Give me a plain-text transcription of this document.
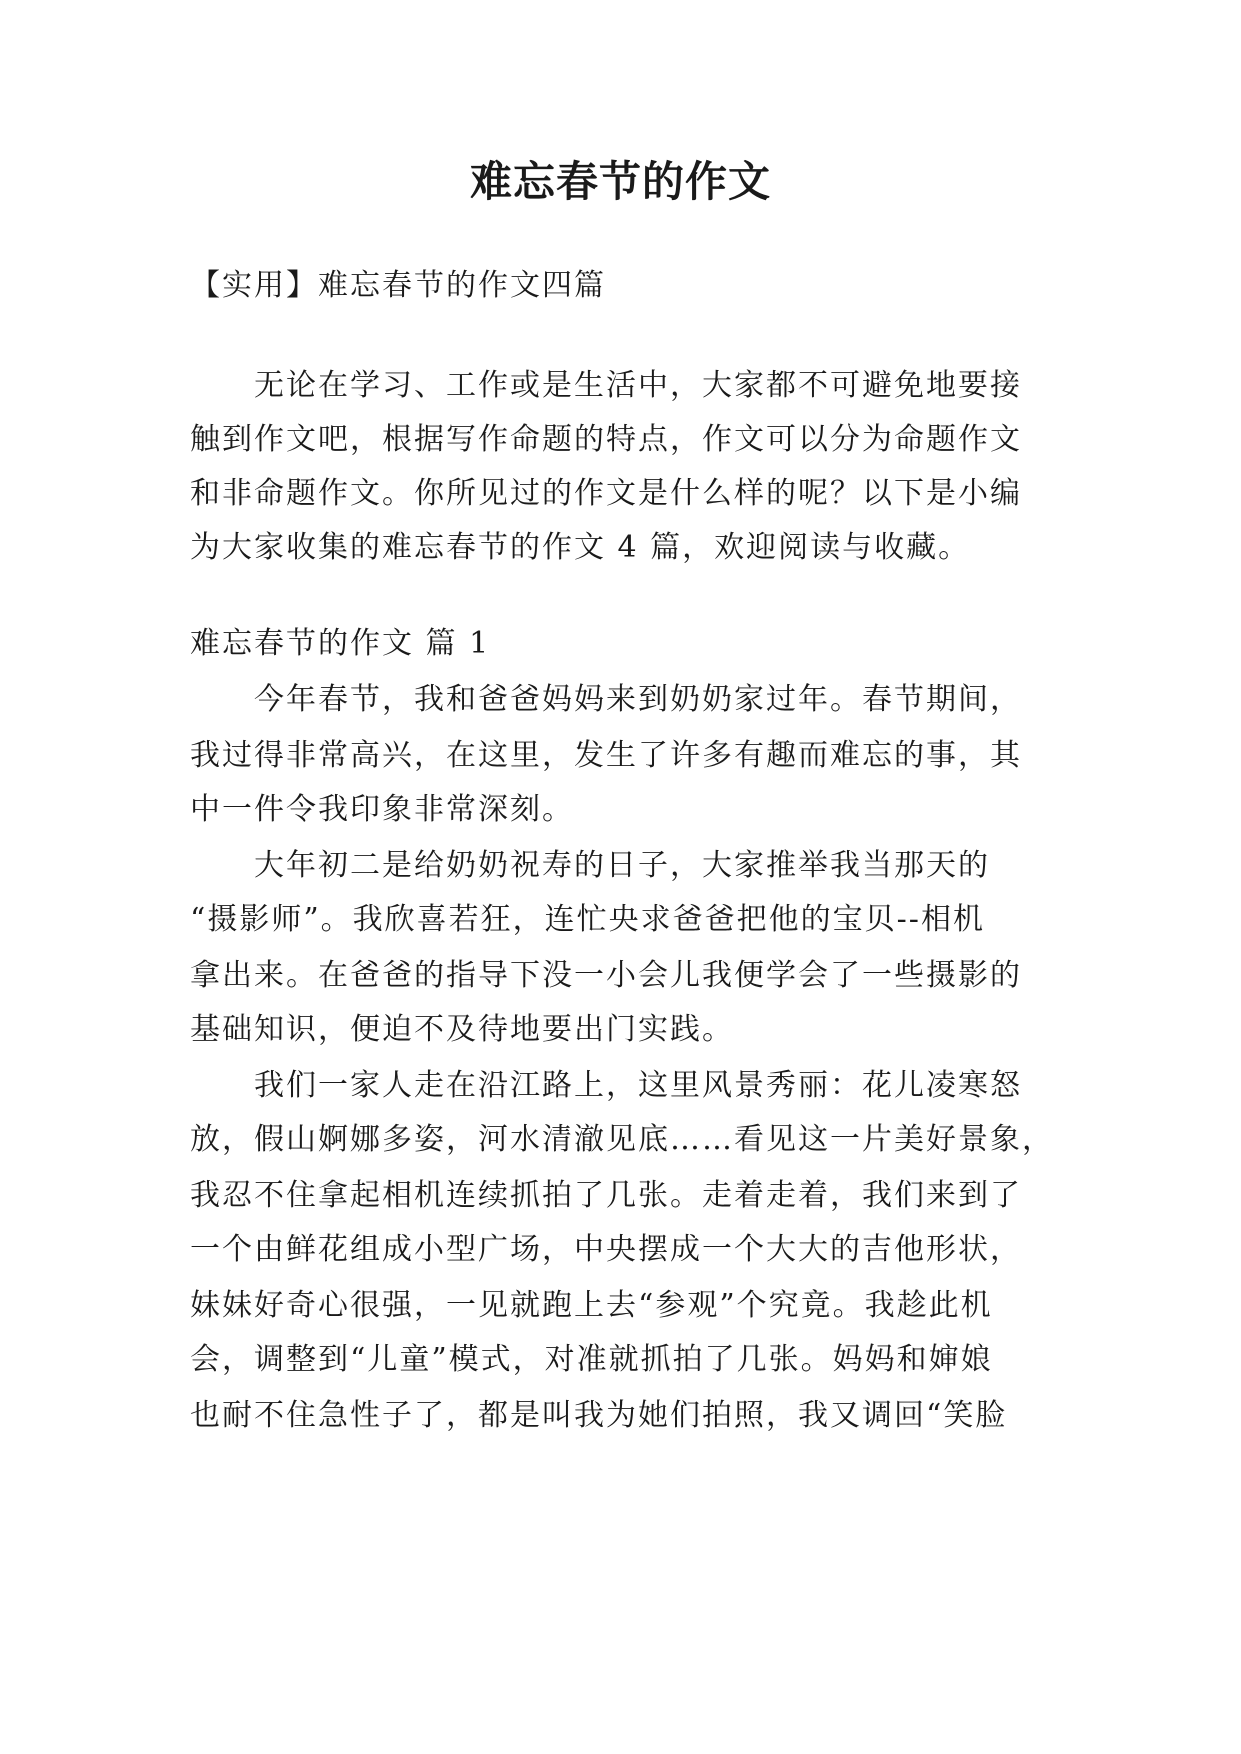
难忘春节的作文
【实用】难忘春节的作文四篇
无论在学习、工作或是生活中，大家都不可避免地要接
触到作文吧，根据写作命题的特点，作文可以分为命题作文
和非命题作文。你所见过的作文是什么样的呢？以下是小编
为大家收集的难忘春节的作文 4 篇，欢迎阅读与收藏。
难忘春节的作文 篇 1
今年春节，我和爸爸妈妈来到奶奶家过年。春节期间，
我过得非常高兴，在这里，发生了许多有趣而难忘的事，其
中一件令我印象非常深刻。
大年初二是给奶奶祝寿的日子，大家推举我当那天的
“摄影师”。我欣喜若狂，连忙央求爸爸把他的宝贝--相机
拿出来。在爸爸的指导下没一小会儿我便学会了一些摄影的
基础知识，便迫不及待地要出门实践。
我们一家人走在沿江路上，这里风景秀丽：花儿凌寒怒
放，假山婀娜多姿，河水清澈见底……看见这一片美好景象，
我忍不住拿起相机连续抓拍了几张。走着走着，我们来到了
一个由鲜花组成小型广场，中央摆成一个大大的吉他形状，
妹妹好奇心很强，一见就跑上去“参观”个究竟。我趁此机
会，调整到“儿童”模式，对准就抓拍了几张。妈妈和婶娘
也耐不住急性子了，都是叫我为她们拍照，我又调回“笑脸
